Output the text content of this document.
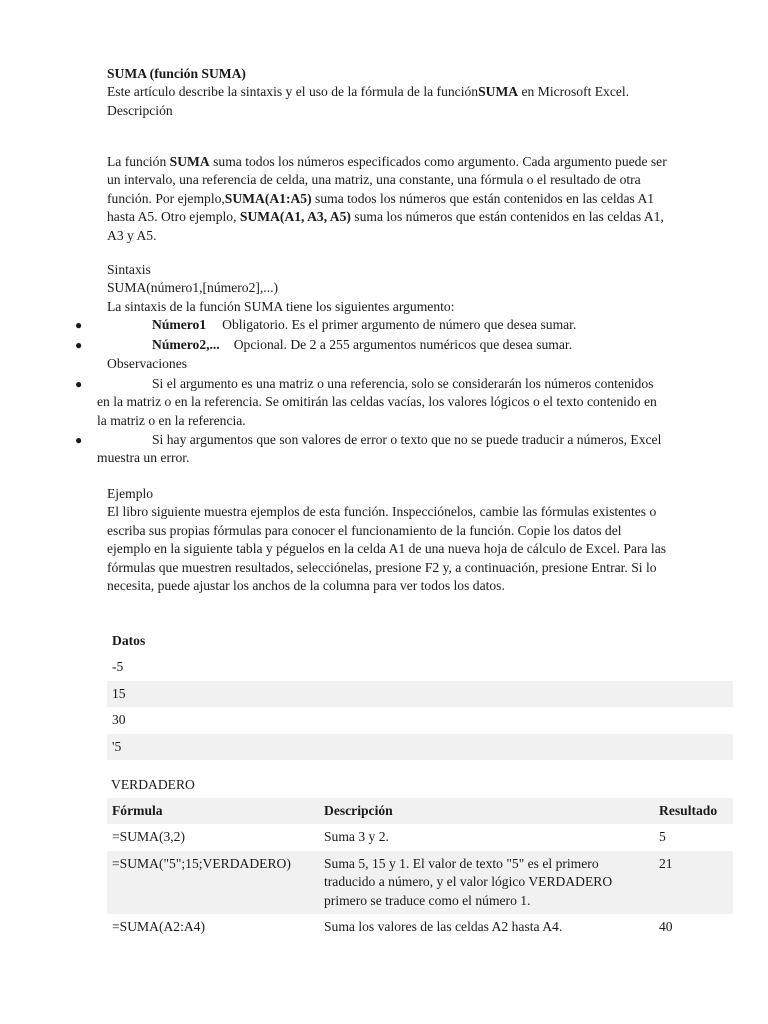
SUMA (función SUMA)

Este artículo describe la sintaxis y el uso de la fórmula de la funciónSUMA en Microsoft Excel.

Descripción

La función SUMA suma todos los números especificados como argumento. Cada argumento puede ser un intervalo, una referencia de celda, una matriz, una constante, una fórmula o el resultado de otra función. Por ejemplo,SUMA(A1:A5) suma todos los números que están contenidos en las celdas A1 hasta A5. Otro ejemplo, SUMA(A1, A3, A5) suma los números que están contenidos en las celdas A1, A3 y A5.

Sintaxis

SUMA(número1,[número2],...)

La sintaxis de la función SUMA tiene los siguientes argumento:

●	Número1 Obligatorio. Es el primer argumento de número que desea sumar.
●	Número2,... Opcional. De 2 a 255 argumentos numéricos que desea sumar.

Observaciones

●	Si el argumento es una matriz o una referencia, solo se considerarán los números contenidos en la matriz o en la referencia. Se omitirán las celdas vacías, los valores lógicos o el texto contenido en la matriz o en la referencia.
●	Si hay argumentos que son valores de error o texto que no se puede traducir a números, Excel muestra un error.

Ejemplo

El libro siguiente muestra ejemplos de esta función. Inspecciónelos, cambie las fórmulas existentes o escriba sus propias fórmulas para conocer el funcionamiento de la función. Copie los datos del ejemplo en la siguiente tabla y péguelos en la celda A1 de una nueva hoja de cálculo de Excel. Para las fórmulas que muestren resultados, selecciónelas, presione F2 y, a continuación, presione Entrar. Si lo necesita, puede ajustar los anchos de la columna para ver todos los datos.

Datos
-5
15
30
'5

VERDADERO

Fórmula	Descripción	Resultado
=SUMA(3,2)	Suma 3 y 2.	5
=SUMA("5";15;VERDADERO)	Suma 5, 15 y 1. El valor de texto "5" es el primero traducido a número, y el valor lógico VERDADERO primero se traduce como el número 1.	21
=SUMA(A2:A4)	Suma los valores de las celdas A2 hasta A4.	40
